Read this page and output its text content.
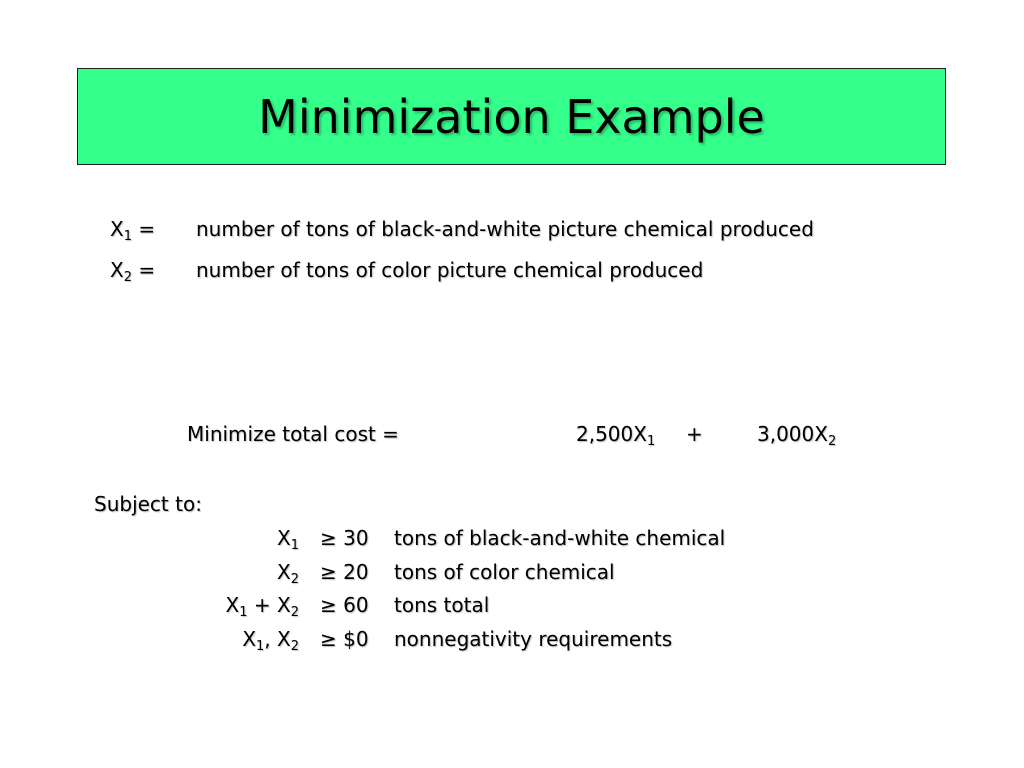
Minimization Example
$X_1$ = number of tons of black-and-white picture chemical produced
$X_2$ = number of tons of color picture chemical produced
Minimize total cost =	$2,500X_1$ +	$3,000X_2$
Subject to:
$X_1 \ge 30$ tons of black-and-white chemical
$X_2 \ge 20$ tons of color chemical
$X_1 + X_2 \ge 60$ tons total
$X_1$, $X_2$ ≥ $0 nonnegativity requirements
